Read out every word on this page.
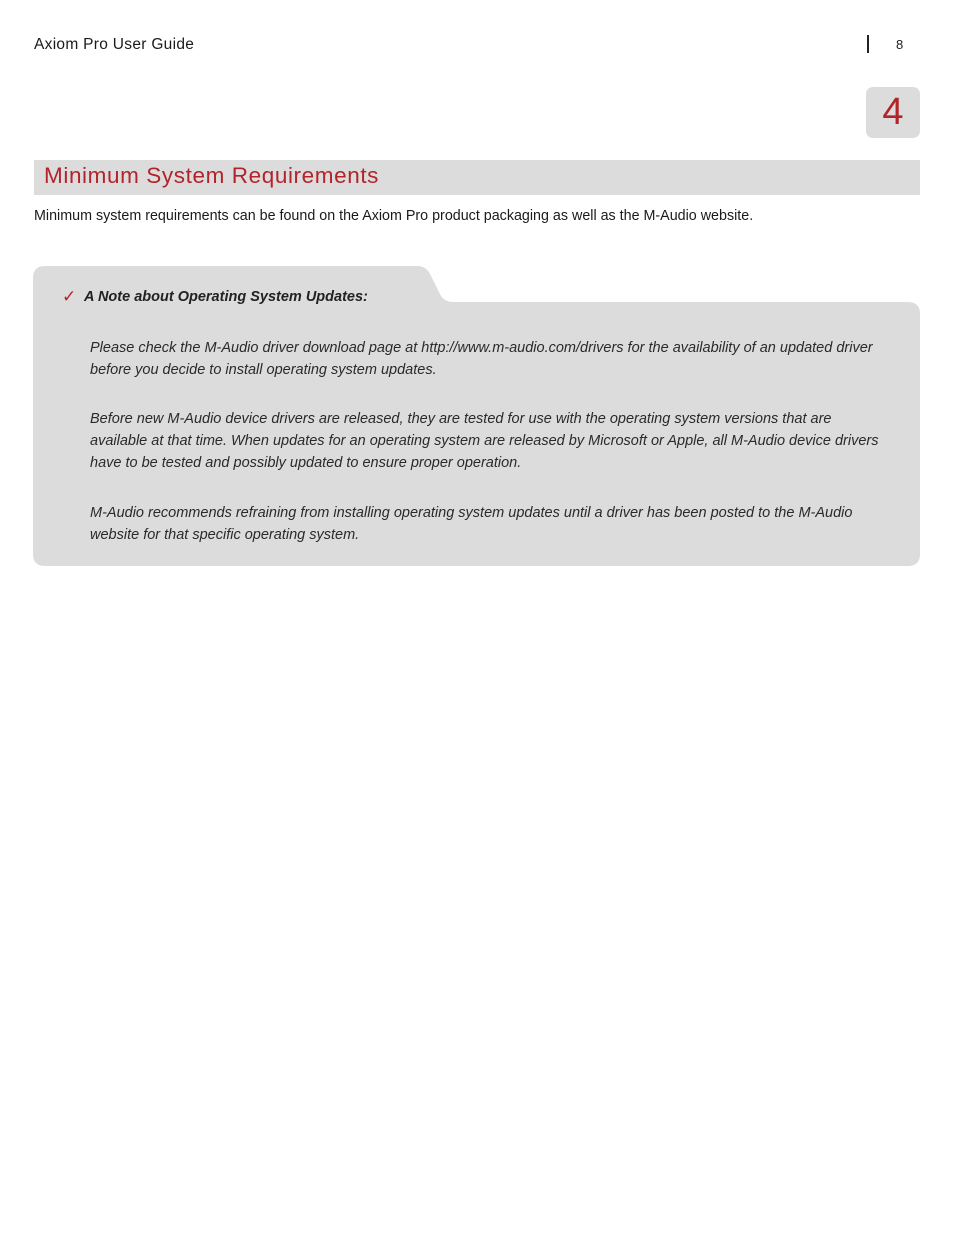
Axiom Pro User Guide	8
4
Minimum System Requirements
Minimum system requirements can be found on the Axiom Pro product packaging as well as the M-Audio website.
✓ A Note about Operating System Updates:

Please check the M-Audio driver download page at http://www.m-audio.com/drivers for the availability of an updated driver before you decide to install operating system updates.

Before new M-Audio device drivers are released, they are tested for use with the operating system versions that are available at that time. When updates for an operating system are released by Microsoft or Apple, all M-Audio device drivers have to be tested and possibly updated to ensure proper operation.

M-Audio recommends refraining from installing operating system updates until a driver has been posted to the M-Audio website for that specific operating system.
